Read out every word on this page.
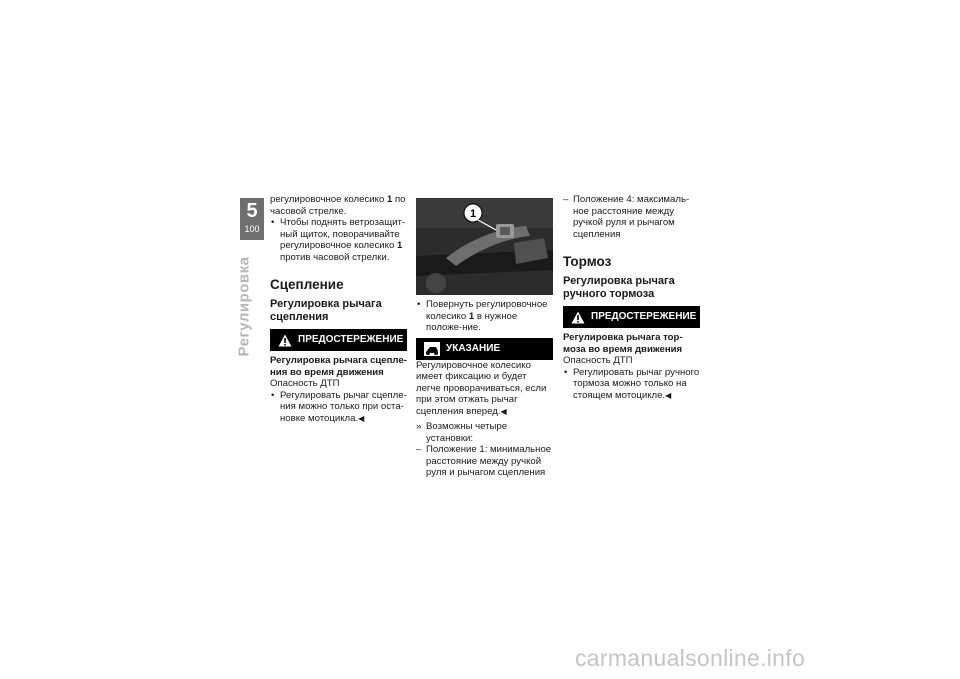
5
100
Регулировка

регулировочное колесико 1 по часовой стрелке.

• Чтобы поднять ветрозащит-ный щиток, поворачивайте регулировочное колесико 1 против часовой стрелки.

Сцепление
Регулировка рычага сцепления
ПРЕДОСТЕРЕЖЕНИЕ

Регулировка рычага сцепле-ния во время движения

Опасность ДТП

• Регулировать рычаг сцепле-ния можно только при оста-новке мотоцикла.◀

1

• Повернуть регулировочное колесико 1 в нужное положе-ние.

УКАЗАНИЕ

Регулировочное колесико имеет фиксацию и будет легче проворачиваться, если при этом отжать рычаг сцепления вперед.◀

» Возможны четыре установки:

– Положение 1: минимальное расстояние между ручкой руля и рычагом сцепления

– Положение 4: максималь-ное расстояние между ручкой руля и рычагом сцепления

Тормоз
Регулировка рычага ручного тормоза
ПРЕДОСТЕРЕЖЕНИЕ

Регулировка рычага тор-моза во время движения

Опасность ДТП

• Регулировать рычаг ручного тормоза можно только на стоящем мотоцикле.◀

carmanualsonline.info
